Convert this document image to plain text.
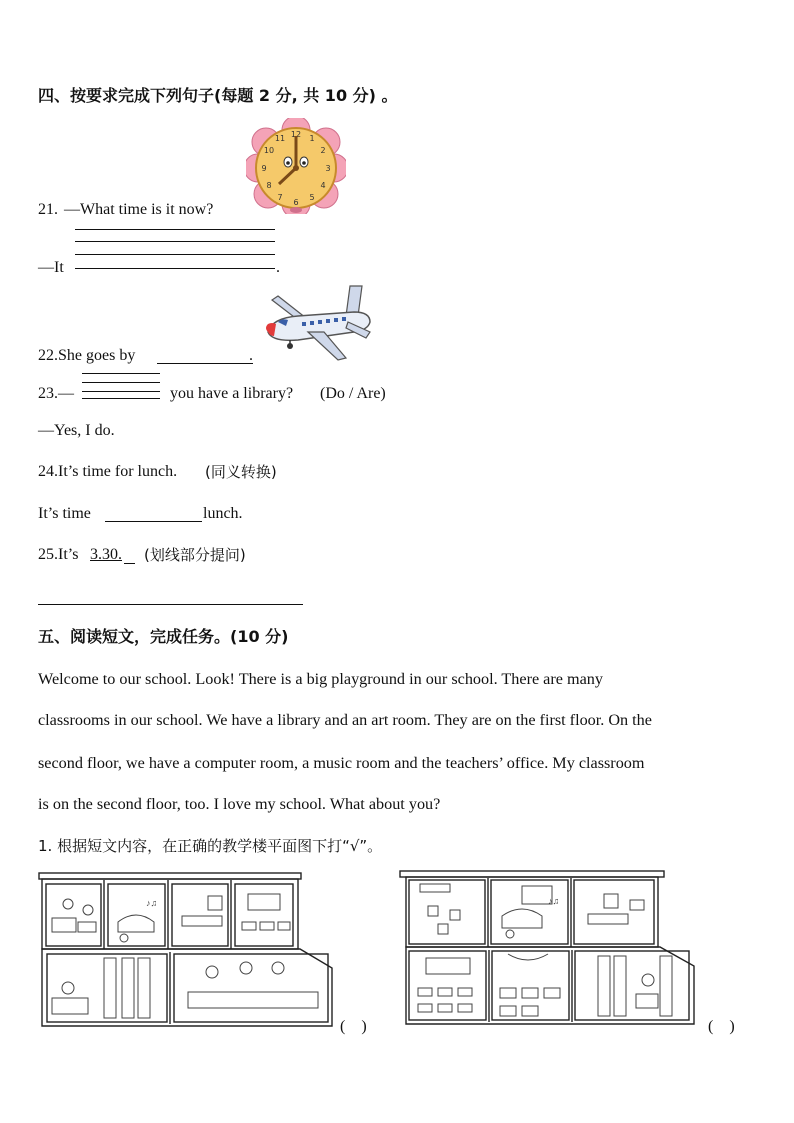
四、按要求完成下列句子(每题 2 分, 共 10 分) 。
12 1
2
3
4
5
6
7
8
9
10
11
21. —What time is it now?
—It	.
22.She goes by	.
23.—	you have a library? (Do / Are)
—Yes, I do.
24.It’s time for lunch. (同义转换)
It’s time	lunch.
25.It’s 3.30. (划线部分提问)
五、阅读短文，完成任务。(10 分)
Welcome to our school. Look! There is a big playground in our school. There are many
classrooms in our school. We have a library and an art room. They are on the first floor. On the
second floor, we have a computer room, a music room and the teachers’ office. My classroom
is on the second floor, too. I love my school. What about you?
1. 根据短文内容，在正确的教学楼平面图下打“√”。
♪♫
(　)
♪♫
(　)
